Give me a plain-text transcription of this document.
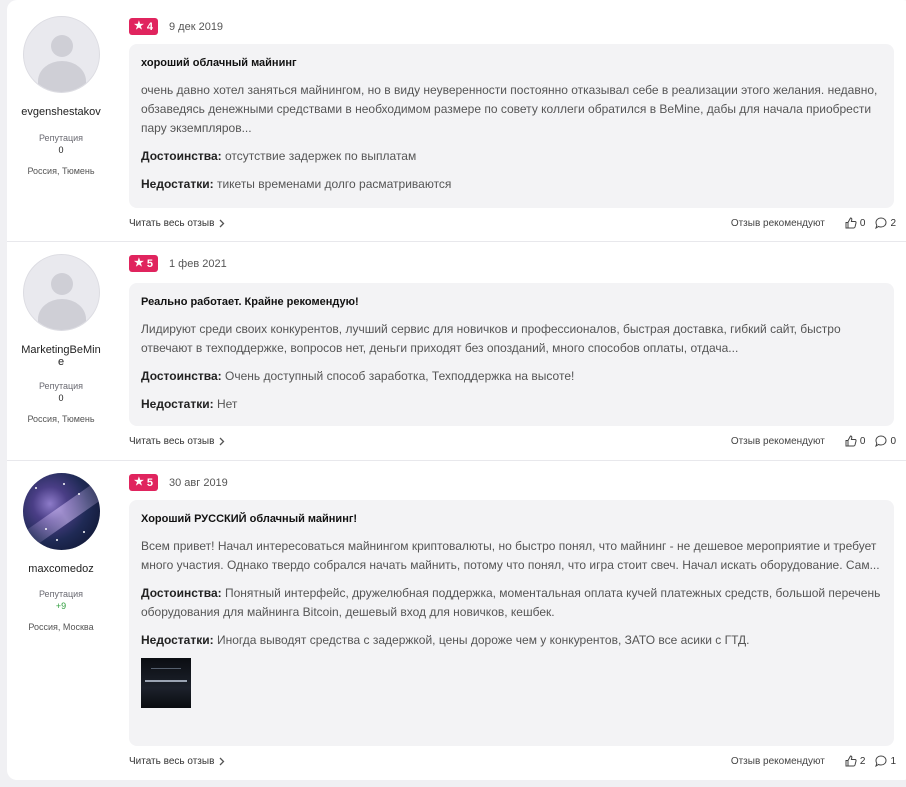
evgenshestakov
Репутация
0
Россия, Тюмень
★ 4 9 дек 2019
хороший облачный майнинг
очень давно хотел заняться майнингом, но в виду неуверенности постоянно отказывал себе в реализации этого желания. недавно, обзаведясь денежными средствами в необходимом размере по совету коллеги обратился в BeMine, дабы для начала приобрести пару экземпляров...
Достоинства: отсутствие задержек по выплатам
Недостатки: тикеты временами долго расматриваются
Читать весь отзыв	Отзыв рекомендуют	0	2
MarketingBeMine
Репутация
0
Россия, Тюмень
★ 5 1 фев 2021
Реально работает. Крайне рекомендую!
Лидируют среди своих конкурентов, лучший сервис для новичков и профессионалов, быстрая доставка, гибкий сайт, быстро отвечают в техподдержке, вопросов нет, деньги приходят без опозданий, много способов оплаты, отдача...
Достоинства: Очень доступный способ заработка, Техподдержка на высоте!
Недостатки: Нет
Читать весь отзыв	Отзыв рекомендуют	0	0
maxcomedoz
Репутация
+9
Россия, Москва
★ 5 30 авг 2019
Хороший РУССКИЙ облачный майнинг!
Всем привет! Начал интересоваться майнингом криптовалюты, но быстро понял, что майнинг - не дешевое мероприятие и требует много участия. Однако твердо собрался начать майнить, потому что понял, что игра стоит свеч. Начал искать оборудование. Сам...
Достоинства: Понятный интерфейс, дружелюбная поддержка, моментальная оплата кучей платежных средств, большой перечень оборудования для майнинга Bitcoin, дешевый вход для новичков, кешбек.
Недостатки: Иногда выводят средства с задержкой, цены дороже чем у конкурентов, ЗАТО все асики с ГТД.
Читать весь отзыв	Отзыв рекомендуют	2	1
